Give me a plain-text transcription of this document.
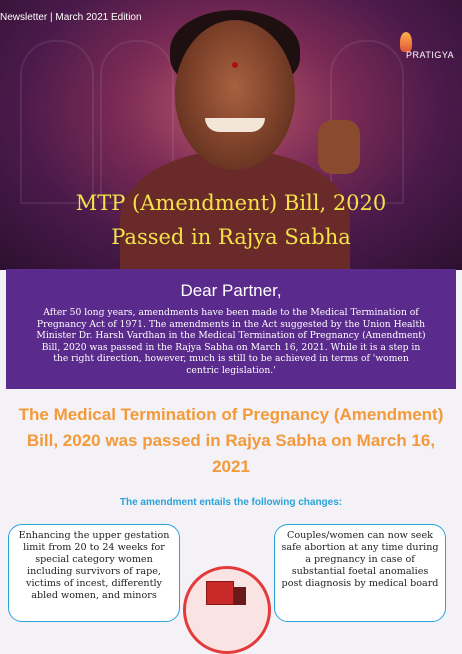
Newsletter | March 2021 Edition
PRATIGYA
MTP (Amendment) Bill, 2020
Passed in Rajya Sabha
Dear Partner,

After 50 long years, amendments have been made to the Medical Termination of Pregnancy Act of 1971. The amendments in the Act suggested by the Union Health Minister Dr. Harsh Vardhan in the Medical Termination of Pregnancy (Amendment) Bill, 2020 was passed in the Rajya Sabha on March 16, 2021. While it is a step in the right direction, however, much is still to be achieved in terms of 'women centric legislation.'

The Medical Termination of Pregnancy (Amendment) Bill, 2020 was passed in Rajya Sabha on March 16, 2021
The amendment entails the following changes:
Enhancing the upper gestation limit from 20 to 24 weeks for special category women including survivors of rape, victims of incest, differently abled women, and minors
Couples/women can now seek safe abortion at any time during a pregnancy in case of substantial foetal anomalies post diagnosis by medical board
